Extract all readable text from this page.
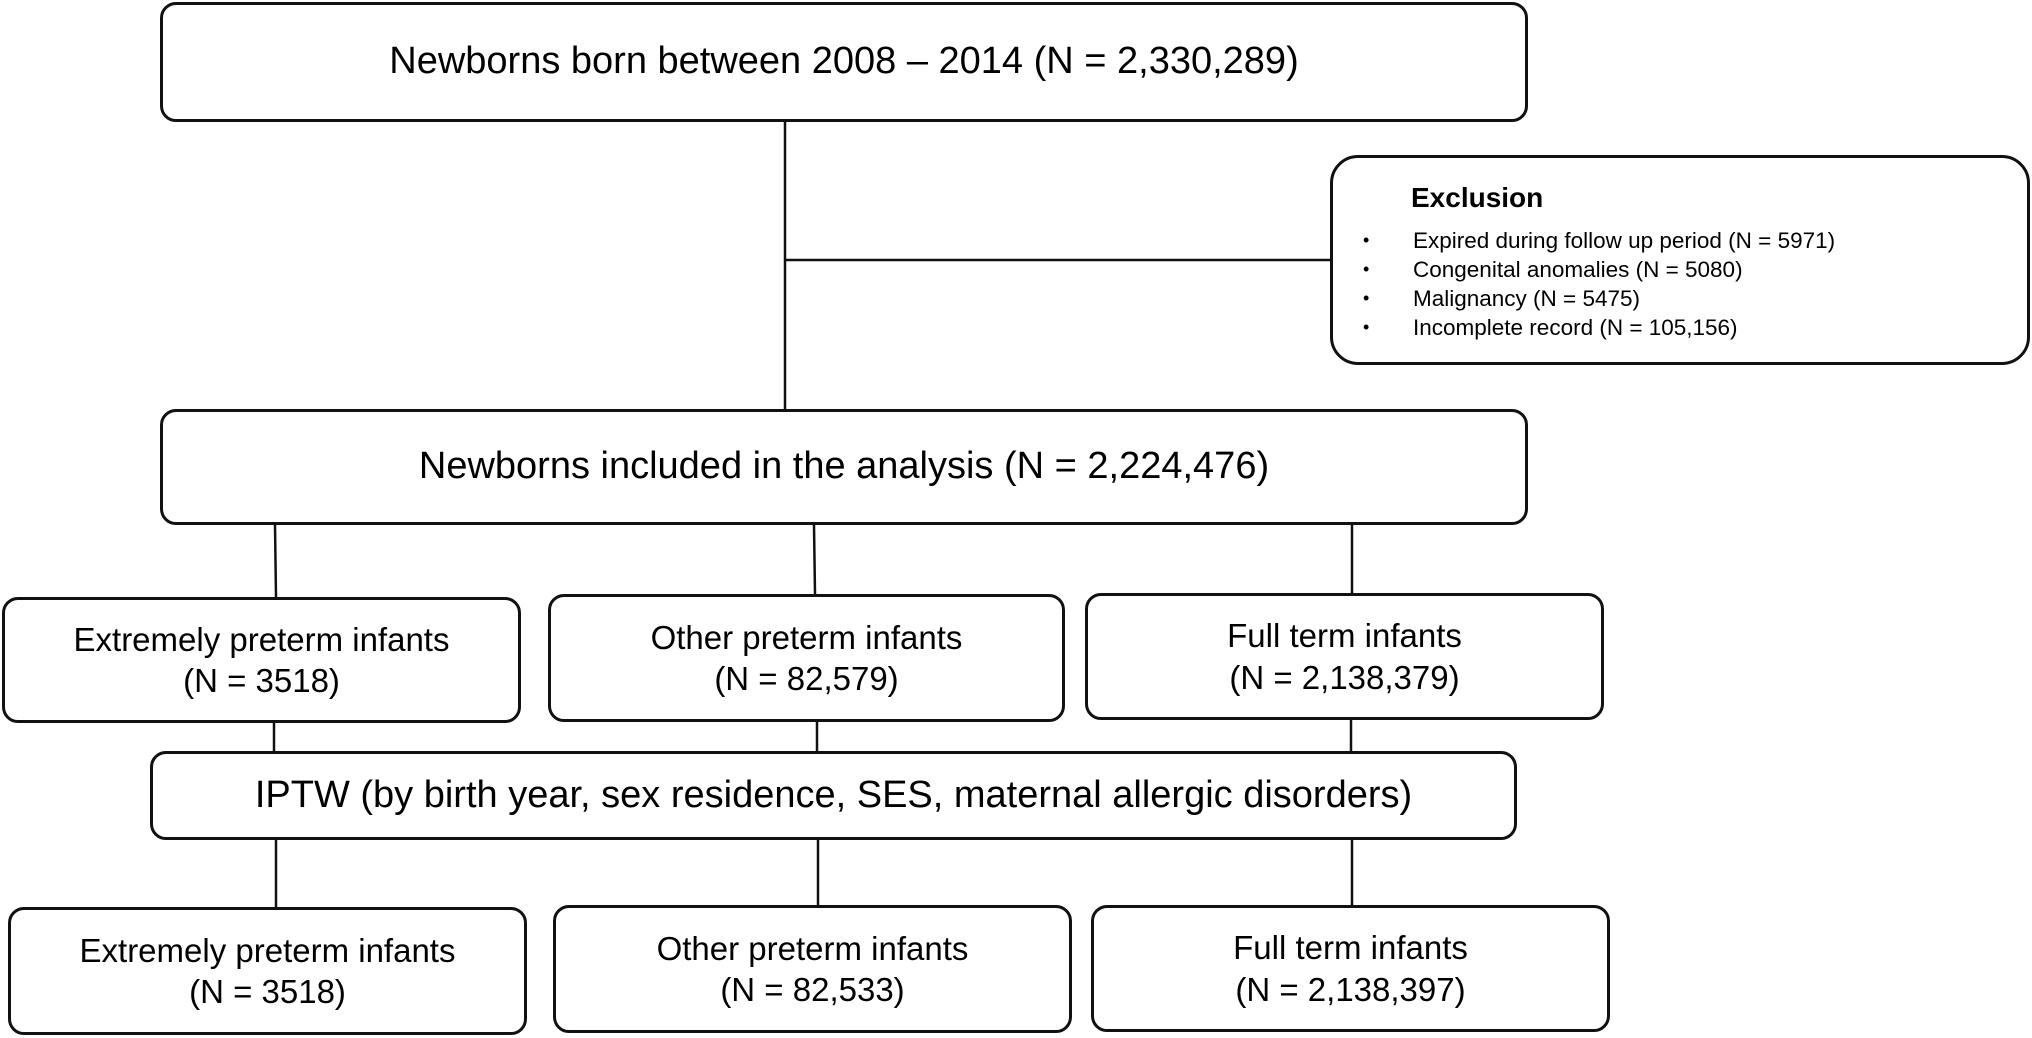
Newborns born between 2008 – 2014 (N = 2,330,289)
Exclusion
• Expired during follow up period (N = 5971)
• Congenital anomalies (N = 5080)
• Malignancy (N = 5475)
• Incomplete record (N = 105,156)
Newborns included in the analysis (N = 2,224,476)
Extremely preterm infants
(N = 3518)
Other preterm infants
(N = 82,579)
Full term infants
(N = 2,138,379)
IPTW (by birth year, sex residence, SES, maternal allergic disorders)
Extremely preterm infants
(N = 3518)
Other preterm infants
(N = 82,533)
Full term infants
(N = 2,138,397)
